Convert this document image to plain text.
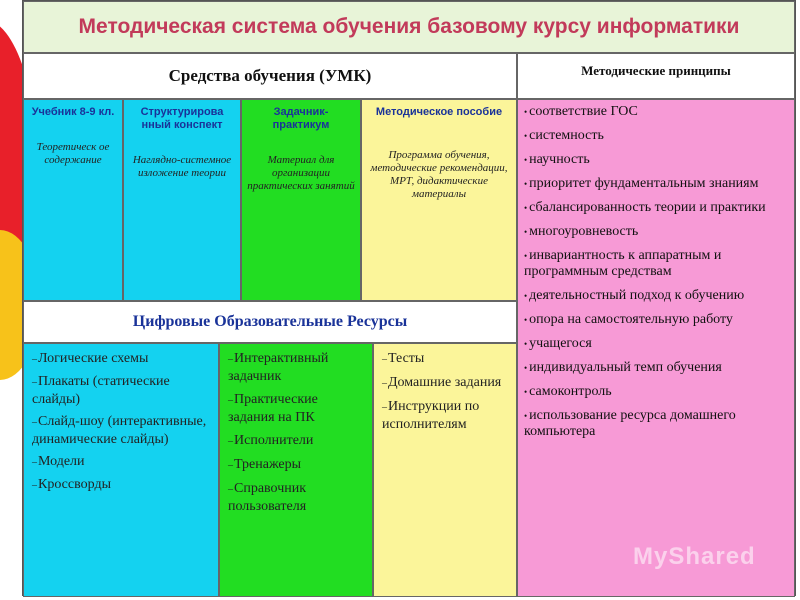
Методическая система обучения базовому курсу информатики
Средства обучения (УМК)	Методические принципы
Учебник 8-9 кл.
Теоретическ ое содержание
Структурирова нный конспект
Наглядно-системное изложение теории
Задачник-практикум
Материал для организации практических занятий
Методическое пособие
Программа обучения, методические рекомендации, МРТ, дидактические материалы
Цифровые Образовательные Ресурсы
–Логические схемы
–Плакаты (статические слайды)
–Слайд-шоу (интерактивные, динамические слайды)
–Модели
–Кроссворды
–Интерактивный задачник
–Практические задания на ПК
–Исполнители
–Тренажеры
–Справочник пользователя
–Тесты
–Домашние задания
–Инструкции по исполнителям
• соответствие ГОС
• системность
• научность
• приоритет фундаментальным знаниям
• сбалансированность теории и практики
• многоуровневость
• инвариантность к аппаратным и программным средствам
• деятельностный подход к обучению
• опора на самостоятельную работу
• учащегося
• индивидуальный темп обучения
• самоконтроль
• использование ресурса домашнего компьютера
MyShared
